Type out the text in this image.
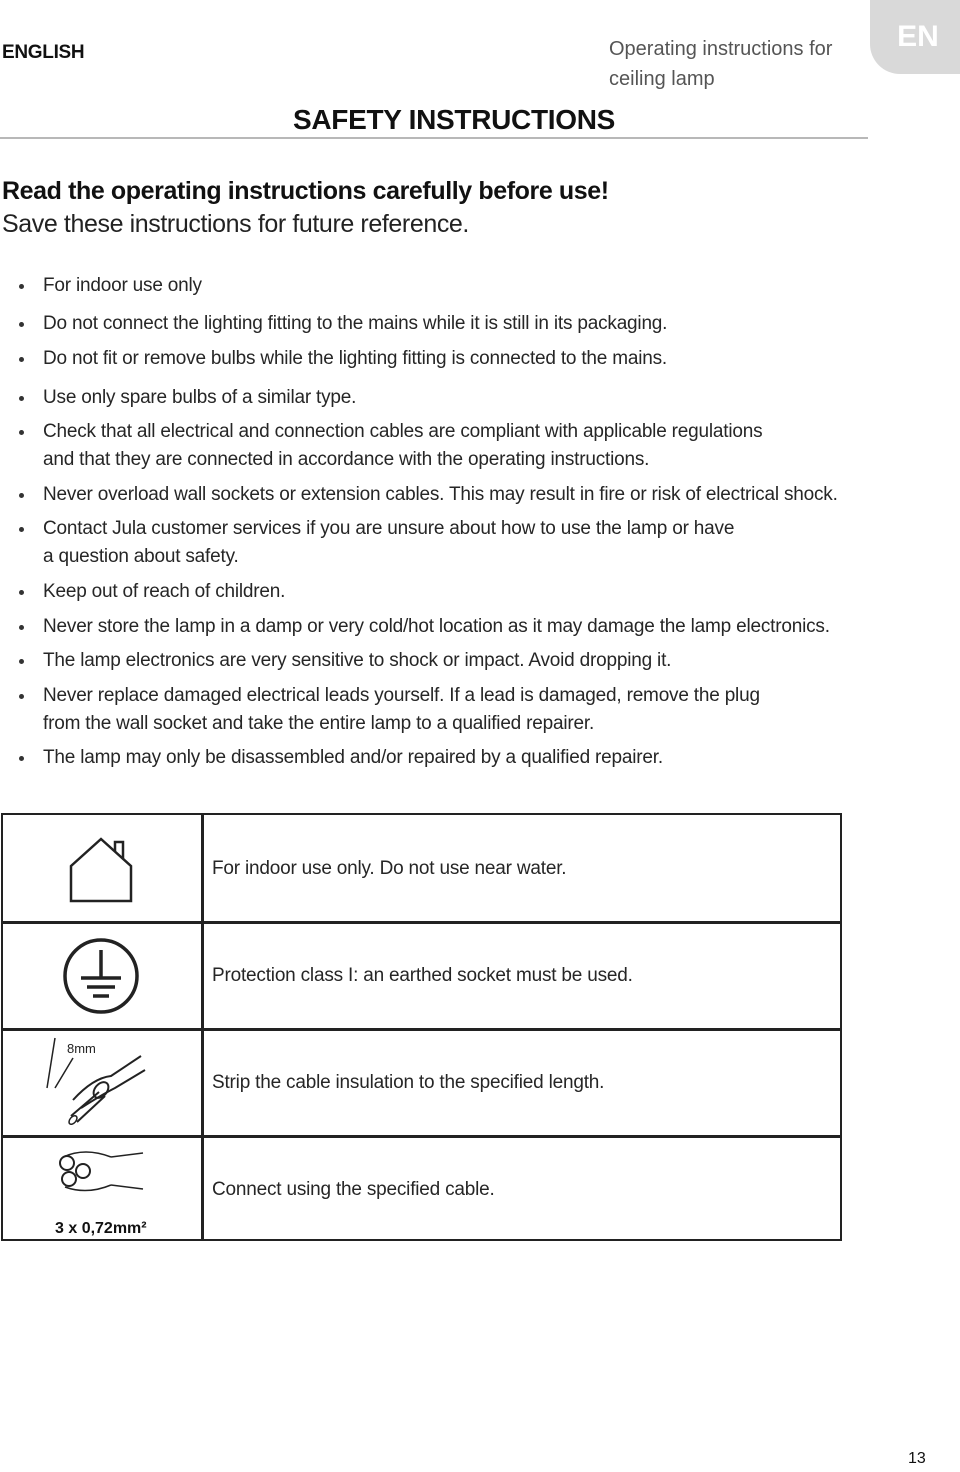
ENGLISH	Operating instructions for ceiling lamp
EN
SAFETY INSTRUCTIONS
Read the operating instructions carefully before use!
Save these instructions for future reference.
For indoor use only
Do not connect the lighting fitting to the mains while it is still in its packaging.
Do not fit or remove bulbs while the lighting fitting is connected to the mains.
Use only spare bulbs of a similar type.
Check that all electrical and connection cables are compliant with applicable regulations
and that they are connected in accordance with the operating instructions.
Never overload wall sockets or extension cables. This may result in fire or risk of electrical shock.
Contact Jula customer services if you are unsure about how to use the lamp or have
a question about safety.
Keep out of reach of children.
Never store the lamp in a damp or very cold/hot location as it may damage the lamp electronics.
The lamp electronics are very sensitive to shock or impact. Avoid dropping it.
Never replace damaged electrical leads yourself. If a lead is damaged, remove the plug
from the wall socket and take the entire lamp to a qualified repairer.
The lamp may only be disassembled and/or repaired by a qualified repairer.
For indoor use only. Do not use near water.
Protection class I: an earthed socket must be used.
8mm
Strip the cable insulation to the specified length.
3 x 0,72mm²
Connect using the specified cable.
13
